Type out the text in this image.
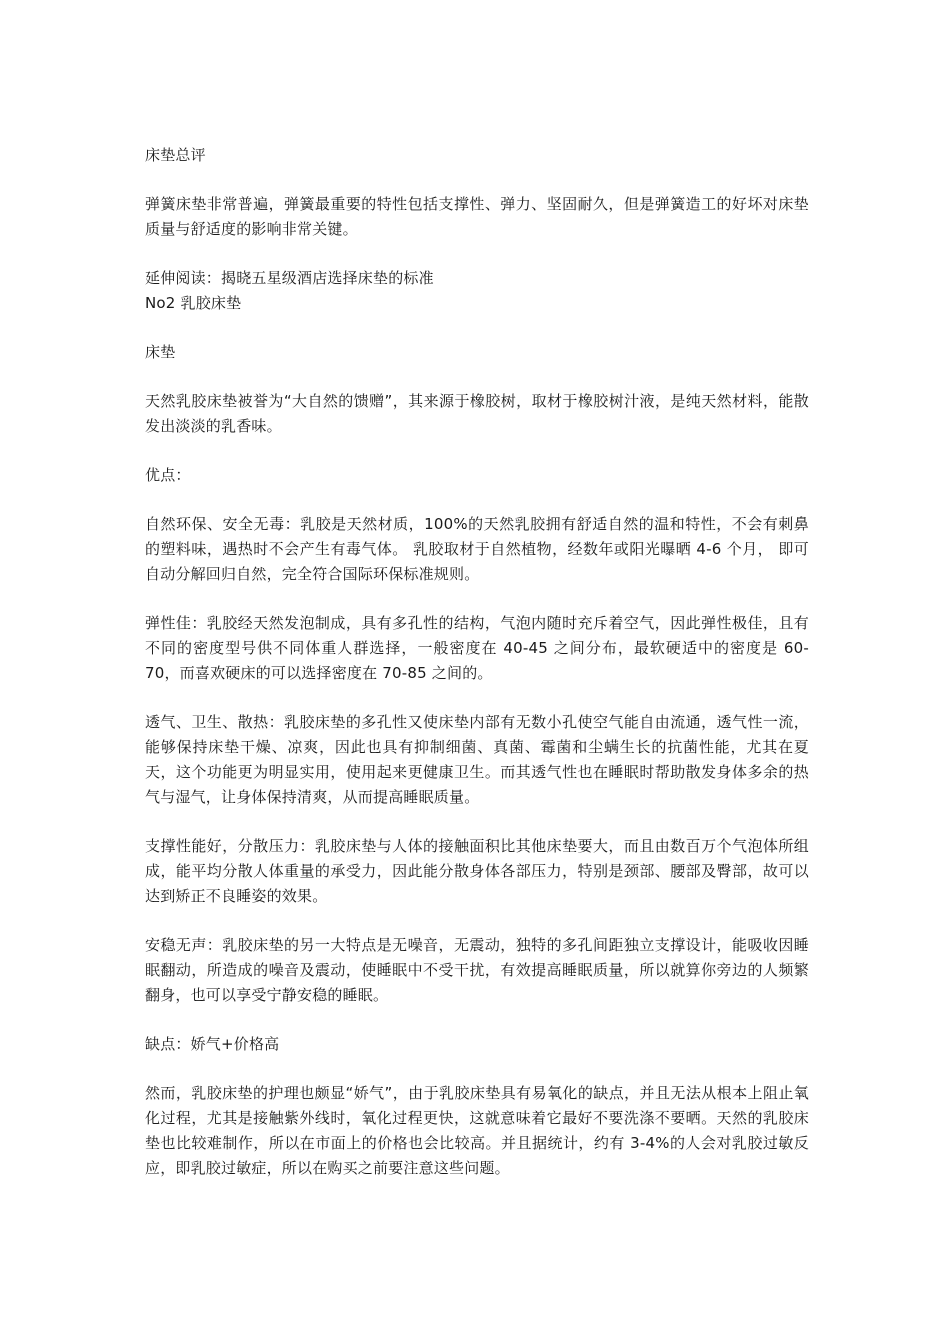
床垫总评

弹簧床垫非常普遍，弹簧最重要的特性包括支撑性、弹力、坚固耐久，但是弹簧造工的好坏对床垫质量与舒适度的影响非常关键。

延伸阅读：揭晓五星级酒店选择床垫的标准

No2 乳胶床垫

床垫

天然乳胶床垫被誉为“大自然的馈赠”，其来源于橡胶树，取材于橡胶树汁液，是纯天然材料，能散发出淡淡的乳香味。

优点：

自然环保、安全无毒：乳胶是天然材质，100%的天然乳胶拥有舒适自然的温和特性，不会有刺鼻的塑料味，遇热时不会产生有毒气体。 乳胶取材于自然植物，经数年或阳光曝晒 4-6 个月， 即可自动分解回归自然，完全符合国际环保标准规则。

弹性佳：乳胶经天然发泡制成，具有多孔性的结构，气泡内随时充斥着空气，因此弹性极佳，且有不同的密度型号供不同体重人群选择，一般密度在 40-45 之间分布，最软硬适中的密度是 60-70，而喜欢硬床的可以选择密度在 70-85 之间的。

透气、卫生、散热：乳胶床垫的多孔性又使床垫内部有无数小孔使空气能自由流通，透气性一流，能够保持床垫干燥、凉爽，因此也具有抑制细菌、真菌、霉菌和尘螨生长的抗菌性能，尤其在夏天，这个功能更为明显实用，使用起来更健康卫生。而其透气性也在睡眠时帮助散发身体多余的热气与湿气，让身体保持清爽，从而提高睡眠质量。

支撑性能好，分散压力：乳胶床垫与人体的接触面积比其他床垫要大，而且由数百万个气泡体所组成，能平均分散人体重量的承受力，因此能分散身体各部压力，特别是颈部、腰部及臀部，故可以达到矫正不良睡姿的效果。

安稳无声：乳胶床垫的另一大特点是无噪音，无震动，独特的多孔间距独立支撑设计，能吸收因睡眠翻动，所造成的噪音及震动，使睡眠中不受干扰，有效提高睡眠质量，所以就算你旁边的人频繁翻身，也可以享受宁静安稳的睡眠。

缺点：娇气+价格高

然而，乳胶床垫的护理也颇显“娇气”，由于乳胶床垫具有易氧化的缺点，并且无法从根本上阻止氧化过程，尤其是接触紫外线时，氧化过程更快，这就意味着它最好不要洗涤不要晒。天然的乳胶床垫也比较难制作，所以在市面上的价格也会比较高。并且据统计，约有 3-4%的人会对乳胶过敏反应，即乳胶过敏症，所以在购买之前要注意这些问题。
